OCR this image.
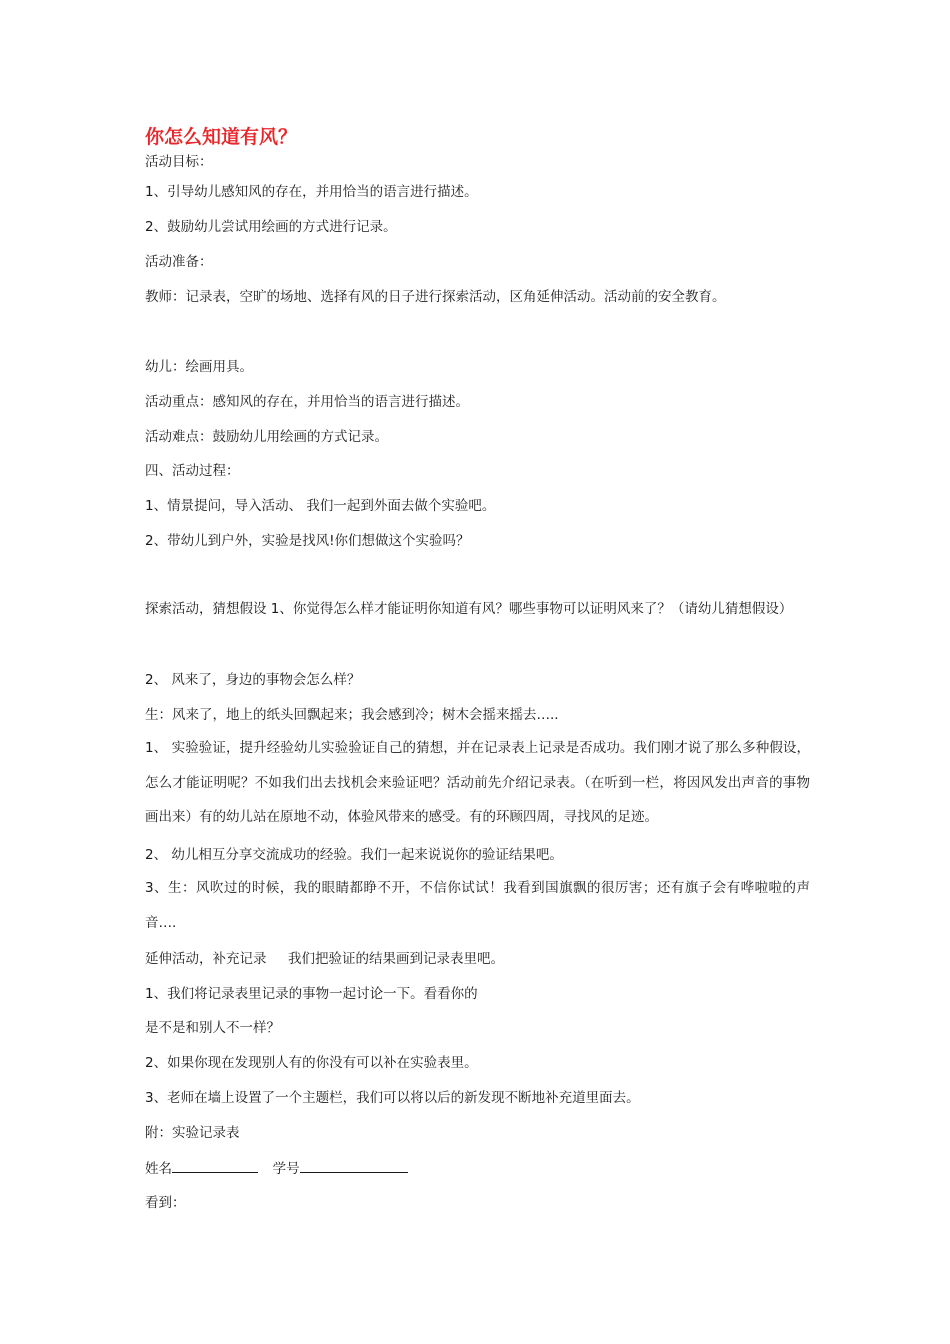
你怎么知道有风？
活动目标：
1、引导幼儿感知风的存在，并用恰当的语言进行描述。
2、鼓励幼儿尝试用绘画的方式进行记录。
活动准备：
教师：记录表，空旷的场地、选择有风的日子进行探索活动，区角延伸活动。活动前的安全教育。
幼儿：绘画用具。
活动重点：感知风的存在，并用恰当的语言进行描述。
活动难点：鼓励幼儿用绘画的方式记录。
四、活动过程：
1、情景提问，导入活动、 我们一起到外面去做个实验吧。
2、带幼儿到户外，实验是找风!你们想做这个实验吗？
探索活动，猜想假设 1、你觉得怎么样才能证明你知道有风？哪些事物可以证明风来了？（请幼儿猜想假设）
2、 风来了，身边的事物会怎么样？
生：风来了，地上的纸头回飘起来；我会感到冷；树木会摇来摇去…..
1、 实验验证，提升经验幼儿实验验证自己的猜想，并在记录表上记录是否成功。我们刚才说了那么多种假设，怎么才能证明呢？不如我们出去找机会来验证吧？活动前先介绍记录表。（在听到一栏，将因风发出声音的事物画出来）有的幼儿站在原地不动，体验风带来的感受。有的环顾四周，寻找风的足迹。
2、 幼儿相互分享交流成功的经验。我们一起来说说你的验证结果吧。
3、生：风吹过的时候，我的眼睛都睁不开，不信你试试！我看到国旗飘的很厉害；还有旗子会有哗啦啦的声音….
延伸活动，补充记录     我们把验证的结果画到记录表里吧。
1、我们将记录表里记录的事物一起讨论一下。看看你的
是不是和别人不一样？
2、如果你现在发现别人有的你没有可以补在实验表里。
3、老师在墙上设置了一个主题栏，我们可以将以后的新发现不断地补充道里面去。
附：实验记录表
姓名	学号
看到：
